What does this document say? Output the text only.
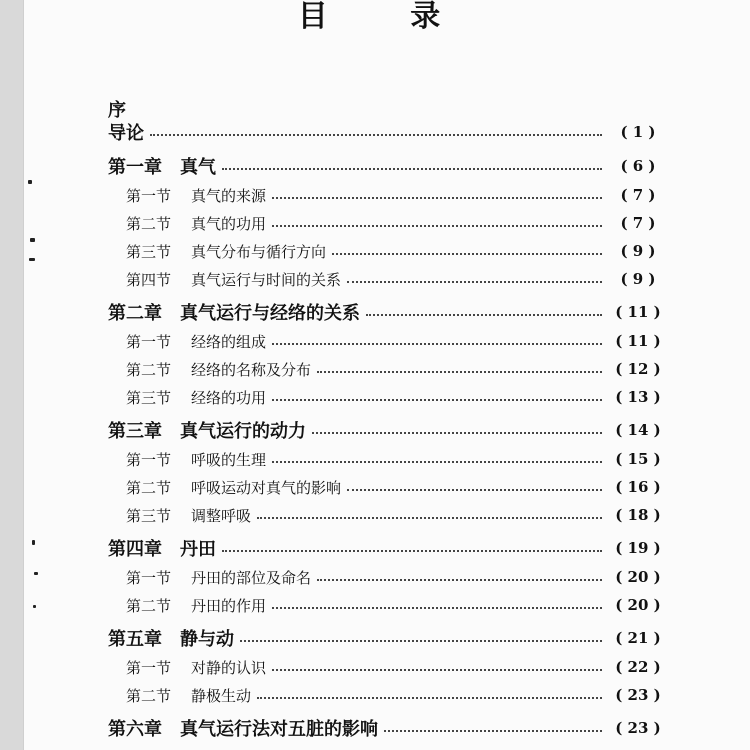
目 录
序
导论	( 1 )
第一章 真气	( 6 )
第一节 真气的来源	( 7 )
第二节 真气的功用	( 7 )
第三节 真气分布与循行方向	( 9 )
第四节 真气运行与时间的关系	( 9 )
第二章 真气运行与经络的关系	( 11 )
第一节 经络的组成	( 11 )
第二节 经络的名称及分布	( 12 )
第三节 经络的功用	( 13 )
第三章 真气运行的动力	( 14 )
第一节 呼吸的生理	( 15 )
第二节 呼吸运动对真气的影响	( 16 )
第三节 调整呼吸	( 18 )
第四章 丹田	( 19 )
第一节 丹田的部位及命名	( 20 )
第二节 丹田的作用	( 20 )
第五章 静与动	( 21 )
第一节 对静的认识	( 22 )
第二节 静极生动	( 23 )
第六章 真气运行法对五脏的影响	( 23 )
